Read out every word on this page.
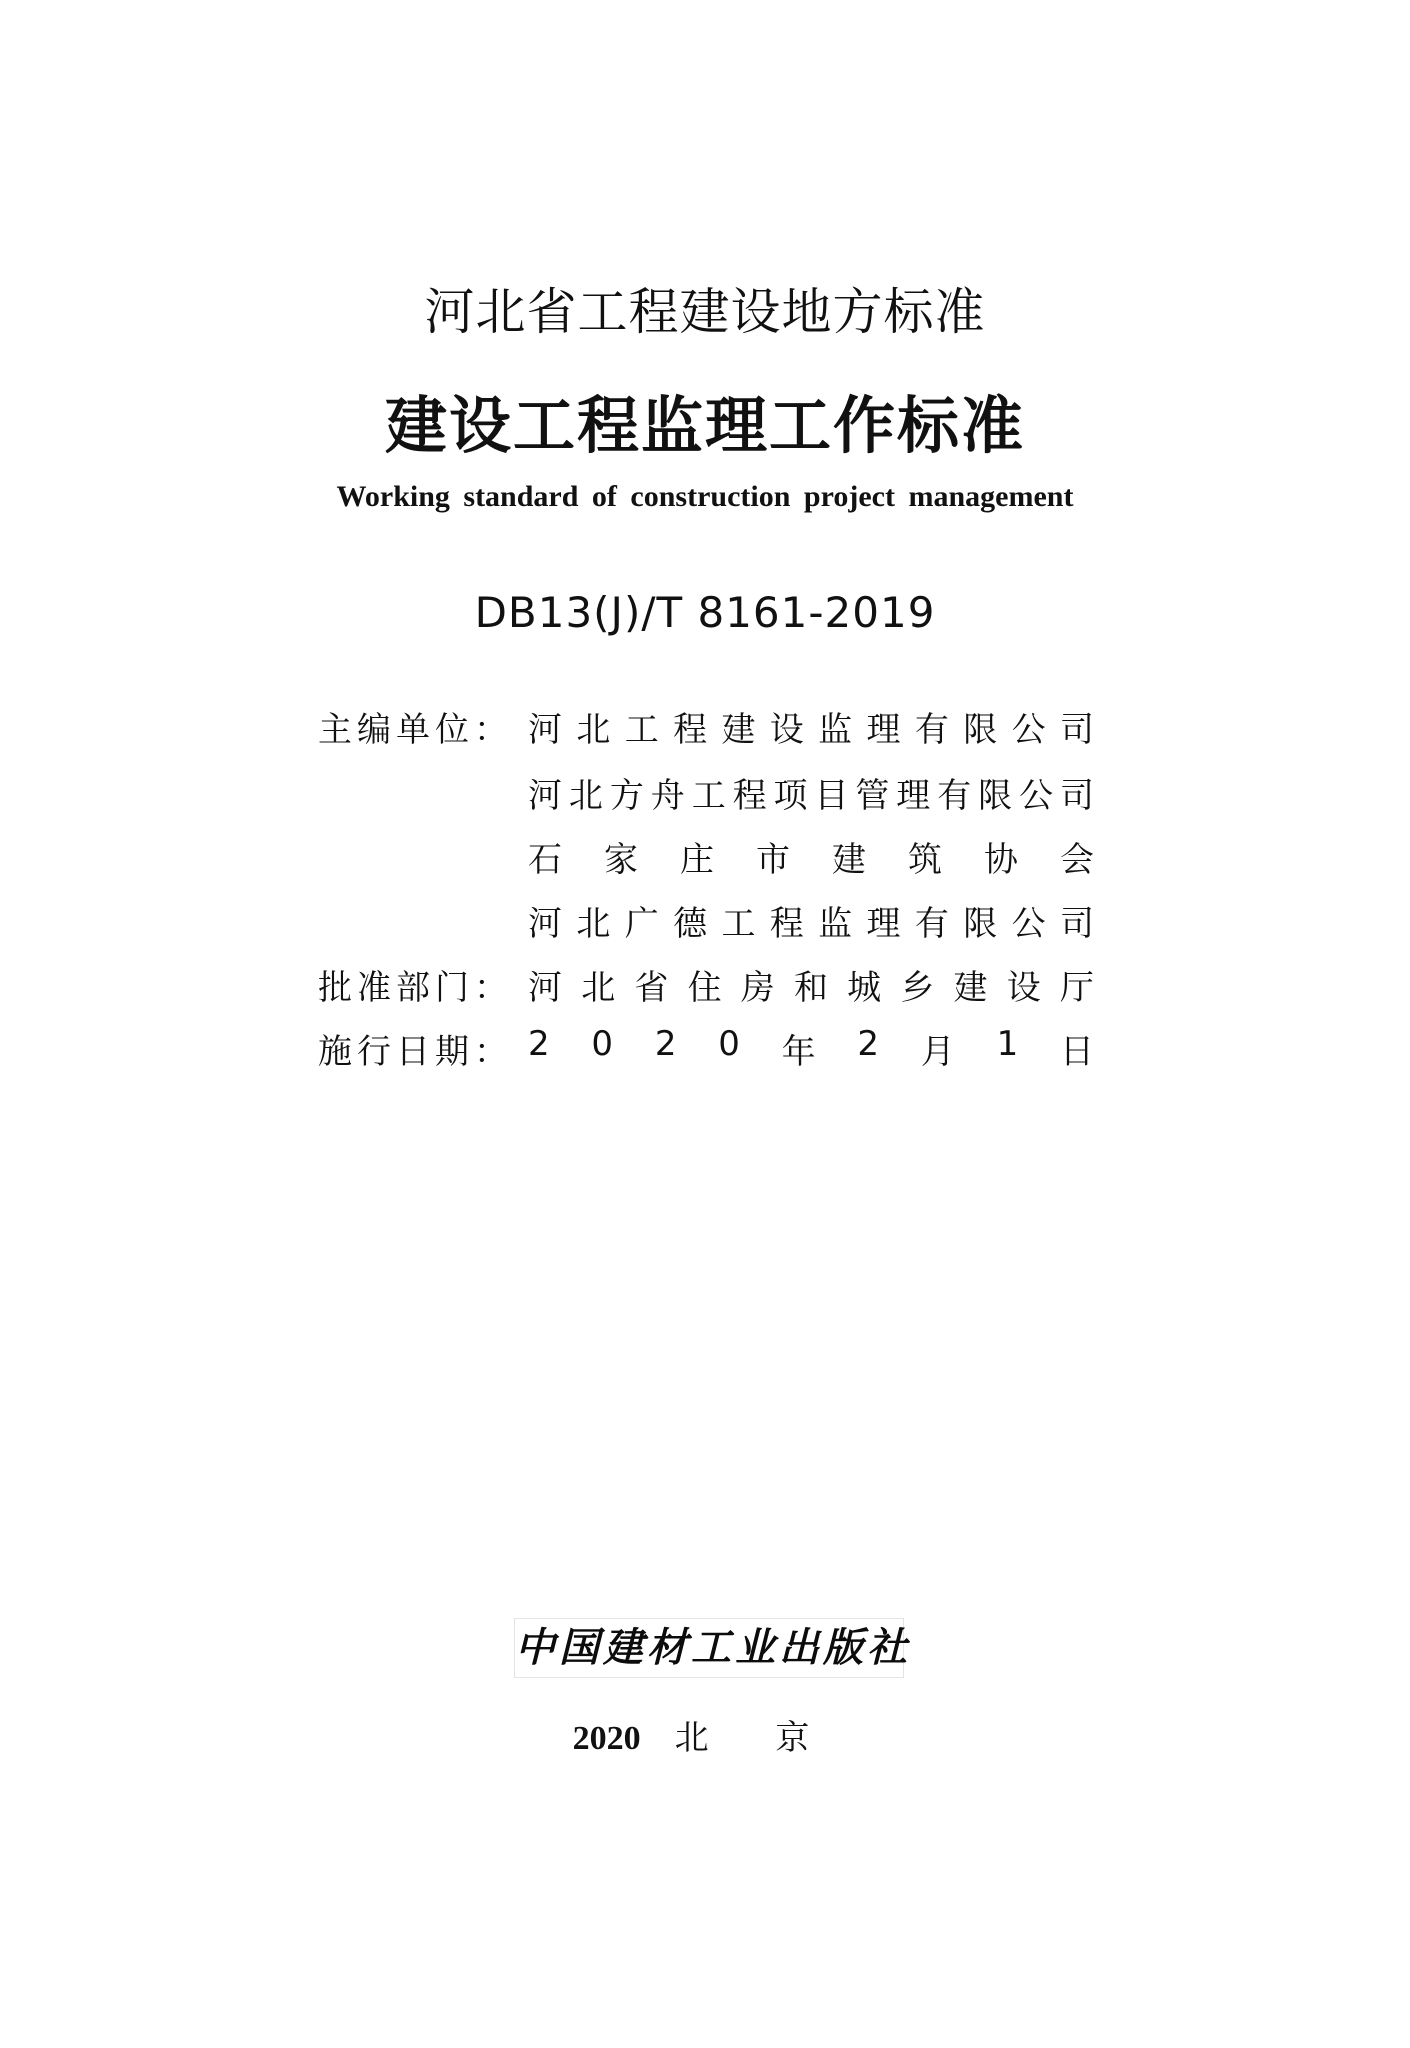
河北省工程建设地方标准
建设工程监理工作标准
Working standard of construction project management
DB13(J)/T 8161-2019
主编单位： 河 北 工 程 建 设 监 理 有 限 公 司
河 北 方 舟 工 程 项 目 管 理 有 限 公 司
石 家 庄 市 建 筑 协 会
河 北 广 德 工 程 监 理 有 限 公 司
批准部门： 河 北 省 住 房 和 城 乡 建 设 厅
施行日期： 2 0 2 0 年 2 月 1 日
中国建材工业出版社
2020 北 京
